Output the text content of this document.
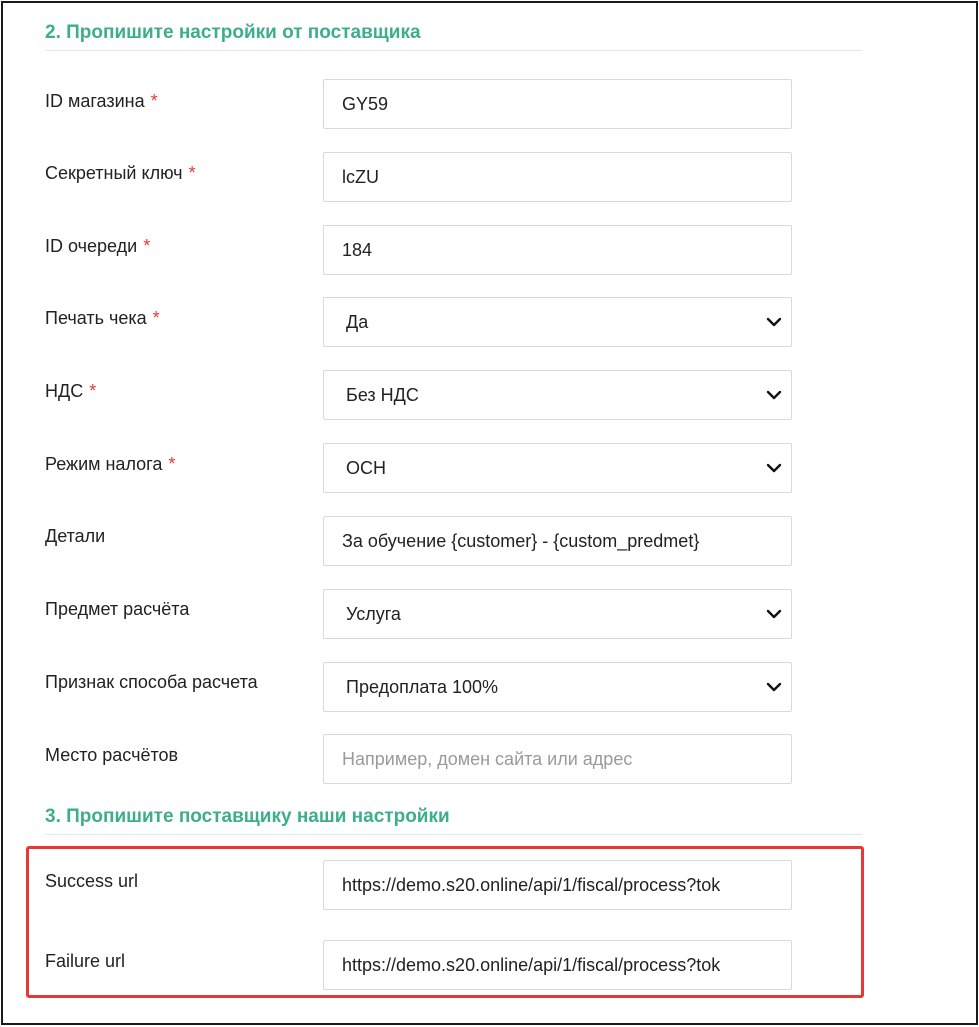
2. Пропишите настройки от поставщика
ID магазина *	GY59
Секретный ключ *	lcZU
ID очереди *	184
Печать чека *	Да
НДС *	Без НДС
Режим налога *	ОСН
Детали	За обучение {customer} - {custom_predmet}
Предмет расчёта	Услуга
Признак способа расчета	Предоплата 100%
Место расчётов	Например, домен сайта или адрес
3. Пропишите поставщику наши настройки
Success url	https://demo.s20.online/api/1/fiscal/process?tok
Failure url	https://demo.s20.online/api/1/fiscal/process?tok
